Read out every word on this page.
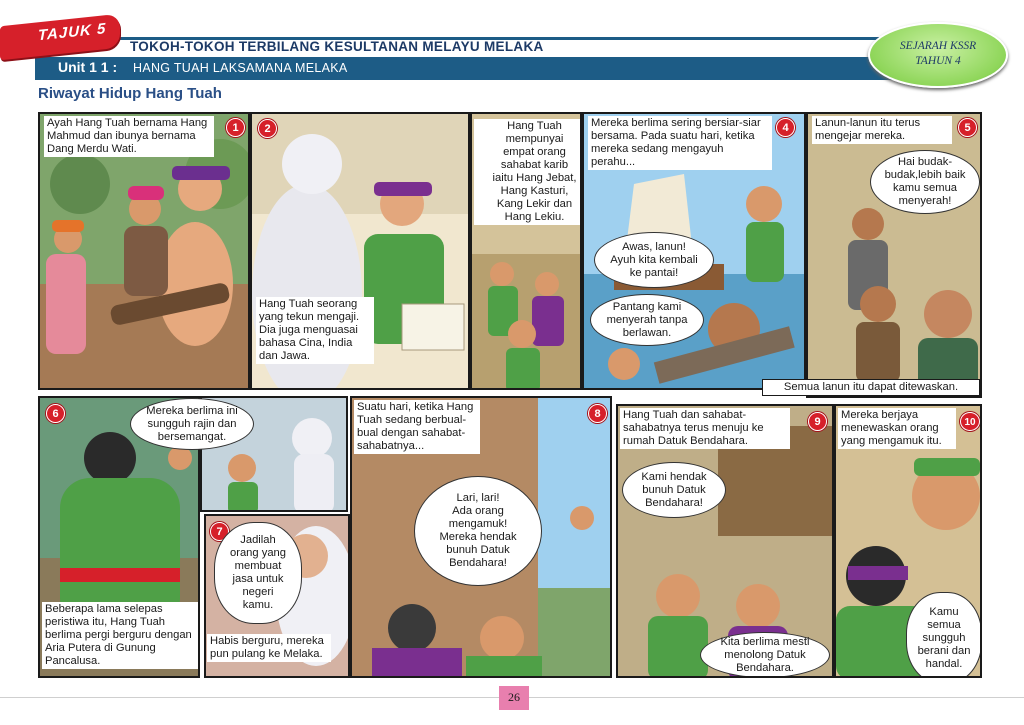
TAJUK 5
TOKOH-TOKOH TERBILANG KESULTANAN MELAYU MELAKA
Unit 1 1 : HANG TUAH LAKSAMANA MELAKA
SEJARAH KSSR
TAHUN 4
Riwayat Hidup Hang Tuah
Ayah Hang Tuah bernama Hang Mahmud dan ibunya bernama Dang Merdu Wati.
1	2
Hang Tuah seorang yang tekun mengaji. Dia juga menguasai bahasa Cina, India dan Jawa.
Hang Tuah mempunyai empat orang sahabat karib iaitu Hang Jebat, Hang Kasturi, Kang Lekir dan Hang Lekiu.
Mereka berlima sering bersiar-siar bersama. Pada suatu hari, ketika mereka sedang mengayuh perahu...
4
Awas, lanun!
Ayuh kita kembali
ke pantai!
Pantang kami
menyerah tanpa
berlawan.
Lanun-lanun itu terus mengejar mereka.
5
Hai budak-
budak,lebih baik
kamu semua
menyerah!
Semua lanun itu dapat ditewaskan.
6
Beberapa lama selepas peristiwa itu, Hang Tuah berlima pergi berguru dengan Aria Putera di Gunung Pancalusa.
Mereka berlima ini
sungguh rajin dan
bersemangat.
7
Jadilah
orang yang
membuat
jasa untuk
negeri
kamu.
Habis berguru, mereka pun pulang ke Melaka.
Suatu hari, ketika Hang Tuah sedang berbual-bual dengan sahabat-sahabatnya...
8
Lari, lari!
Ada orang
mengamuk!
Mereka hendak
bunuh Datuk
Bendahara!
Hang Tuah dan sahabat-sahabatnya terus menuju ke rumah Datuk Bendahara.
9
Kami hendak
bunuh Datuk
Bendahara!
Kita berlima mesti
menolong Datuk
Bendahara.
Mereka berjaya menewaskan orang yang mengamuk itu.
10
Kamu
semua
sungguh
berani dan
handal.
26
